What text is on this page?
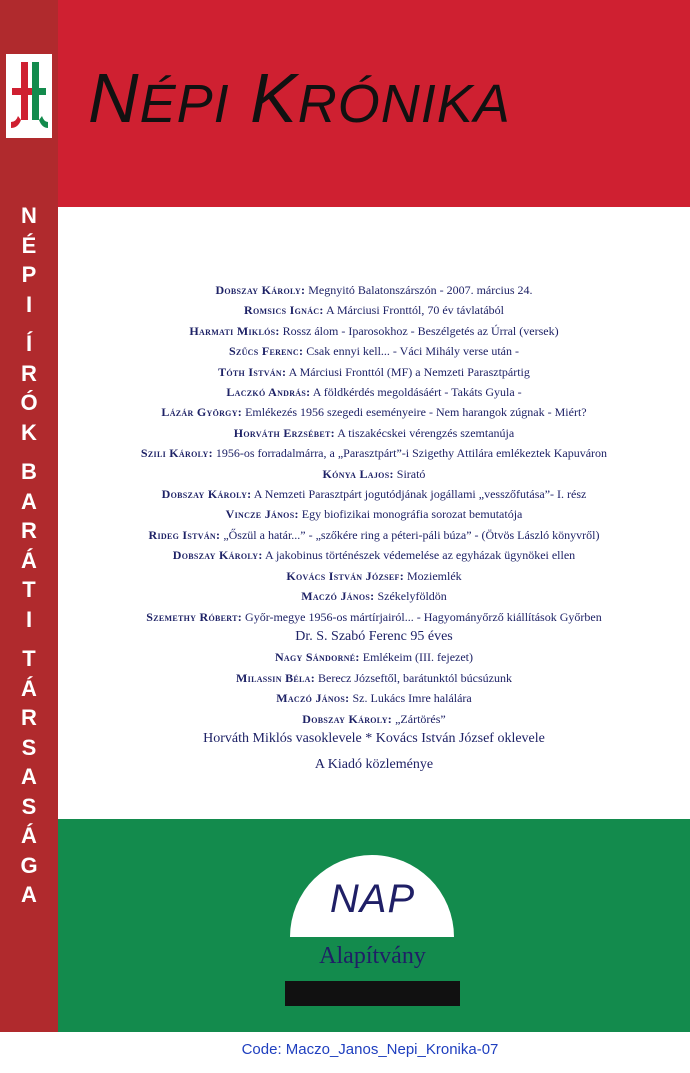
N
É
P
I
Í
R
Ó
K
B
A
R
Á
T
I
T
Á
R
S
A
S
Á
G
A
NÉPI KRÓNIKA
Dobszay Károly: Megnyitó Balatonszárszón - 2007. március 24.
Romsics Ignác: A Márciusi Fronttól, 70 év távlatából
Harmati Miklós: Rossz álom - Iparosokhoz - Beszélgetés az Úrral (versek)
Szűcs Ferenc: Csak ennyi kell... - Váci Mihály verse után -
Tóth István: A Márciusi Fronttól (MF) a Nemzeti Parasztpártig
Laczkó András: A földkérdés megoldásáért - Takáts Gyula -
Lázár György: Emlékezés 1956 szegedi eseményeire - Nem harangok zúgnak - Miért?
Horváth Erzsébet: A tiszakécskei vérengzés szemtanúja
Szili Károly: 1956-os forradalmárra, a „Parasztpárt”-i Szigethy Attilára emlékeztek Kapuváron
Kónya Lajos: Sirató
Dobszay Károly: A Nemzeti Parasztpárt jogutódjának jogállami „vesszőfutása”- I. rész
Vincze János: Egy biofizikai monográfia sorozat bemutatója
Rideg István: „Őszül a határ...” - „szőkére ring a péteri-páli búza” - (Ötvös László könyvről)
Dobszay Károly: A jakobinus történészek védemelése az egyházak ügynökei ellen
Kovács István József: Moziemlék
Maczó János: Székelyföldön
Szemethy Róbert: Győr-megye 1956-os mártírjairól... - Hagyományőrző kiállítások Győrben
Dr. S. Szabó Ferenc 95 éves
Nagy Sándorné: Emlékeim (III. fejezet)
Milassin Béla: Berecz Józseftől, barátunktól búcsúzunk
Maczó János: Sz. Lukács Imre halálára
Dobszay Károly: „Zártörés”
Horváth Miklós vasoklevele * Kovács István József oklevele
A Kiadó közleménye
NAP
Alapítvány
Code: Maczo_Janos_Nepi_Kronika-07
